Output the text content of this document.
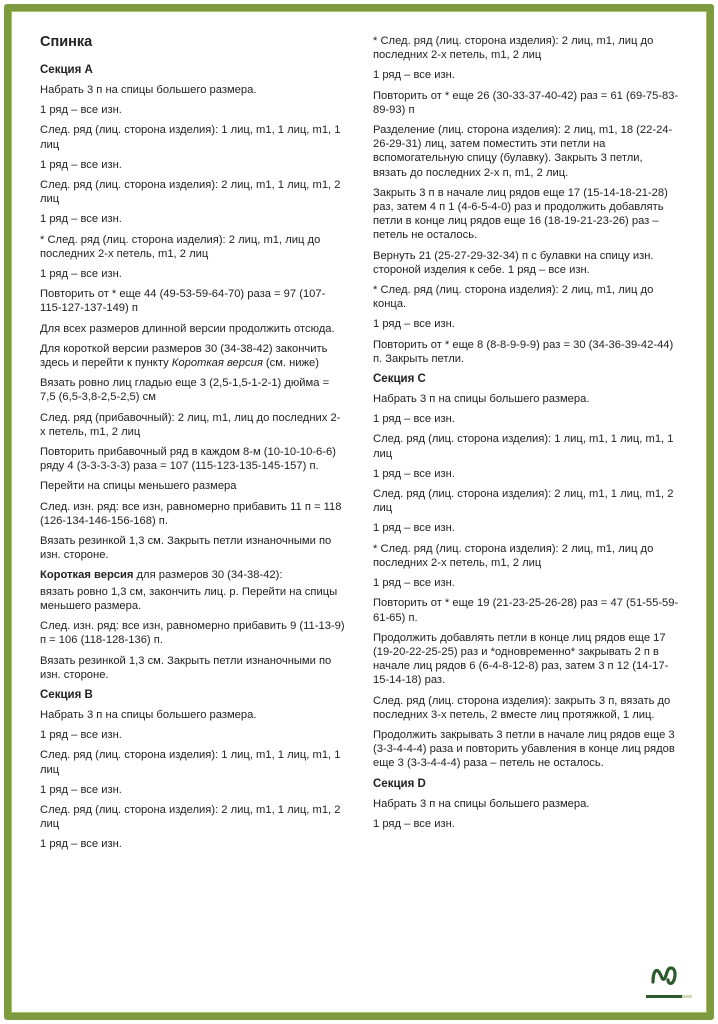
Спинка
Секция A

Набрать 3 п на спицы большего размера.

1 ряд – все изн.

След. ряд (лиц. сторона изделия): 1 лиц, m1, 1 лиц, m1, 1 лиц

1 ряд – все изн.

След. ряд (лиц. сторона изделия): 2 лиц, m1, 1 лиц, m1, 2 лиц

1 ряд – все изн.

* След. ряд (лиц. сторона изделия): 2 лиц, m1, лиц до последних 2-х петель, m1, 2 лиц

1 ряд – все изн.

Повторить от * еще 44 (49-53-59-64-70) раза = 97 (107-115-127-137-149) п

Для всех размеров длинной версии продолжить отсюда.

Для короткой версии размеров 30 (34-38-42) закончить здесь и перейти к пункту Короткая версия (см. ниже)

Вязать ровно лиц гладью еще 3 (2,5-1,5-1-2-1) дюйма = 7,5 (6,5-3,8-2,5-2,5) см

След. ряд (прибавочный): 2 лиц, m1, лиц до последних 2-х петель, m1, 2 лиц

Повторить прибавочный ряд в каждом 8-м (10-10-10-6-6) ряду 4 (3-3-3-3-3) раза = 107 (115-123-135-145-157) п.

Перейти на спицы меньшего размера

След. изн. ряд: все изн, равномерно прибавить 11 п = 118 (126-134-146-156-168) п.

Вязать резинкой 1,3 см. Закрыть петли изнаночными по изн. стороне.

Короткая версия для размеров 30 (34-38-42):

вязать ровно 1,3 см, закончить лиц. р. Перейти на спицы меньшего размера.

След. изн. ряд: все изн, равномерно прибавить 9 (11-13-9) п = 106 (118-128-136) п.

Вязать резинкой 1,3 см. Закрыть петли изнаночными по изн. стороне.

Секция B

Набрать 3 п на спицы большего размера.

1 ряд – все изн.

След. ряд (лиц. сторона изделия): 1 лиц, m1, 1 лиц, m1, 1 лиц

1 ряд – все изн.

След. ряд (лиц. сторона изделия): 2 лиц, m1, 1 лиц, m1, 2 лиц

1 ряд – все изн.

* След. ряд (лиц. сторона изделия): 2 лиц, m1, лиц до последних 2-х петель, m1, 2 лиц

1 ряд – все изн.

Повторить от * еще 26 (30-33-37-40-42) раз = 61 (69-75-83-89-93) п

Разделение (лиц. сторона изделия): 2 лиц, m1, 18 (22-24-26-29-31) лиц, затем поместить эти петли на вспомогательную спицу (булавку). Закрыть 3 петли, вязать до последних 2-х п, m1, 2 лиц.

Закрыть 3 п в начале лиц рядов еще 17 (15-14-18-21-28) раз, затем 4 п 1 (4-6-5-4-0) раз и продолжить добавлять петли в конце лиц рядов еще 16 (18-19-21-23-26) раз – петель не осталось.

Вернуть 21 (25-27-29-32-34) п с булавки на спицу изн. стороной изделия к себе. 1 ряд – все изн.

* След. ряд (лиц. сторона изделия): 2 лиц, m1, лиц до конца.

1 ряд – все изн.

Повторить от * еще 8 (8-8-9-9-9) раз = 30 (34-36-39-42-44) п. Закрыть петли.

Секция C

Набрать 3 п на спицы большего размера.

1 ряд – все изн.

След. ряд (лиц. сторона изделия): 1 лиц, m1, 1 лиц, m1, 1 лиц

1 ряд – все изн.

След. ряд (лиц. сторона изделия): 2 лиц, m1, 1 лиц, m1, 2 лиц

1 ряд – все изн.

* След. ряд (лиц. сторона изделия): 2 лиц, m1, лиц до последних 2-х петель, m1, 2 лиц

1 ряд – все изн.

Повторить от * еще 19 (21-23-25-26-28) раз = 47 (51-55-59-61-65) п.

Продолжить добавлять петли в конце лиц рядов еще 17 (19-20-22-25-25) раз и *одновременно* закрывать 2 п в начале лиц рядов 6 (6-4-8-12-8) раз, затем 3 п 12 (14-17-15-14-18) раз.

След. ряд (лиц. сторона изделия): закрыть 3 п, вязать до последних 3-х петель, 2 вместе лиц протяжкой, 1 лиц.

Продолжить закрывать 3 петли в начале лиц рядов еще 3 (3-3-4-4-4) раза и повторить убавления в конце лиц рядов еще 3 (3-3-4-4-4) раза – петель не осталось.

Секция D

Набрать 3 п на спицы большего размера.

1 ряд – все изн.
